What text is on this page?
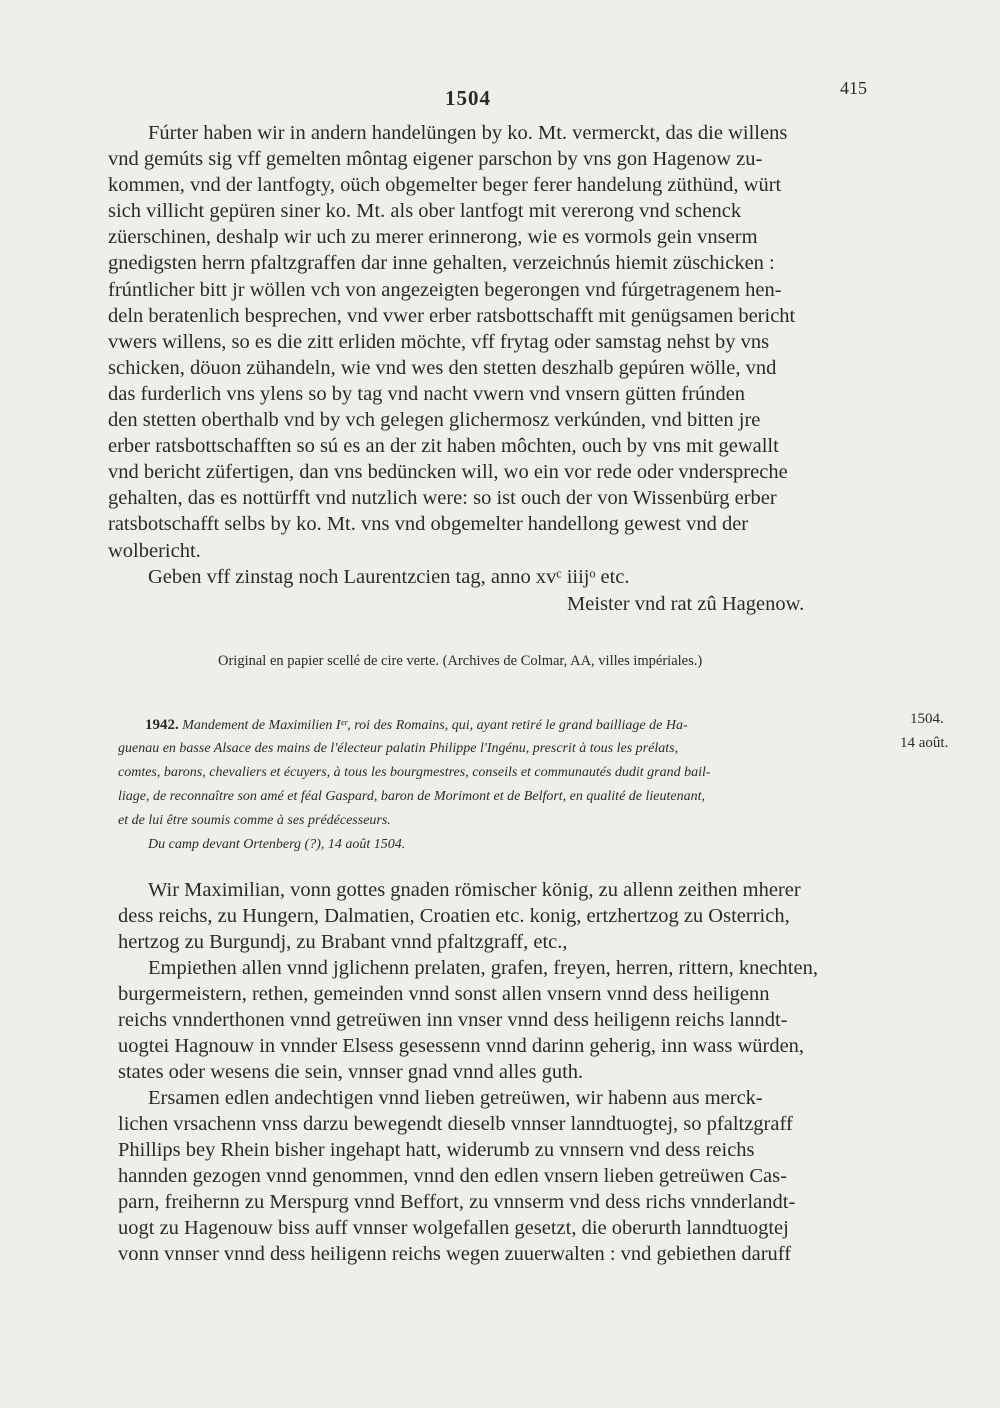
1504	415
Fúrter haben wir in andern handelüngen by ko. Mt. vermerckt, das die willens
vnd gemúts sig vff gemelten môntag eigener parschon by vns gon Hagenow zu-
kommen, vnd der lantfogty, oüch obgemelter beger ferer handelung züthünd, würt
sich villicht gepüren siner ko. Mt. als ober lantfogt mit vererong vnd schenck
züerschinen, deshalp wir uch zu merer erinnerong, wie es vormols gein vnserm
gnedigsten herrn pfaltzgraffen dar inne gehalten, verzeichnús hiemit züschicken :
frúntlicher bitt jr wöllen vch von angezeigten begerongen vnd fúrgetragenem hen-
deln beratenlich besprechen, vnd vwer erber ratsbottschafft mit genügsamen bericht
vwers willens, so es die zitt erliden möchte, vff frytag oder samstag nehst by vns
schicken, döuon zühandeln, wie vnd wes den stetten deszhalb gepúren wölle, vnd
das furderlich vns ylens so by tag vnd nacht vwern vnd vnsern gütten frúnden
den stetten oberthalb vnd by vch gelegen glichermosz verkúnden, vnd bitten jre
erber ratsbottschafften so sú es an der zit haben môchten, ouch by vns mit gewallt
vnd bericht züfertigen, dan vns bedüncken will, wo ein vor rede oder vnderspreche
gehalten, das es nottürfft vnd nutzlich were: so ist ouch der von Wissenbürg erber
ratsbotschafft selbs by ko. Mt. vns vnd obgemelter handellong gewest vnd der
wolbericht.
Geben vff zinstag noch Laurentzcien tag, anno xvᶜ iiijᵒ etc.
Meister vnd rat zû Hagenow.
Original en papier scellé de cire verte. (Archives de Colmar, AA, villes impériales.)
1942. Mandement de Maximilien Iᵉʳ, roi des Romains, qui, ayant retiré le grand bailliage de Ha-
guenau en basse Alsace des mains de l'électeur palatin Philippe l'Ingénu, prescrit à tous les prélats,
comtes, barons, chevaliers et écuyers, à tous les bourgmestres, conseils et communautés dudit grand bail-
liage, de reconnaître son amé et féal Gaspard, baron de Morimont et de Belfort, en qualité de lieutenant,
et de lui être soumis comme à ses prédécesseurs.
Du camp devant Ortenberg (?), 14 août 1504.
1504.
14 août.
Wir Maximilian, vonn gottes gnaden römischer könig, zu allenn zeithen mherer
dess reichs, zu Hungern, Dalmatien, Croatien etc. konig, ertzhertzog zu Osterrich,
hertzog zu Burgundj, zu Brabant vnnd pfaltzgraff, etc.,
Empiethen allen vnnd jglichenn prelaten, grafen, freyen, herren, rittern, knechten,
burgermeistern, rethen, gemeinden vnnd sonst allen vnsern vnnd dess heiligenn
reichs vnnderthonen vnnd getreüwen inn vnser vnnd dess heiligenn reichs lanndt-
uogtei Hagnouw in vnnder Elsess gesessenn vnnd darinn geherig, inn wass würden,
states oder wesens die sein, vnnser gnad vnnd alles guth.
Ersamen edlen andechtigen vnnd lieben getreüwen, wir habenn aus merck-
lichen vrsachenn vnss darzu bewegendt dieselb vnnser lanndtuogtej, so pfaltzgraff
Phillips bey Rhein bisher ingehapt hatt, widerumb zu vnnsern vnd dess reichs
hannden gezogen vnnd genommen, vnnd den edlen vnsern lieben getreüwen Cas-
parn, freihernn zu Merspurg vnnd Beffort, zu vnnserm vnd dess richs vnnderlandt-
uogt zu Hagenouw biss auff vnnser wolgefallen gesetzt, die oberurth lanndtuogtej
vonn vnnser vnnd dess heiligenn reichs wegen zuuerwalten : vnd gebiethen daruff
